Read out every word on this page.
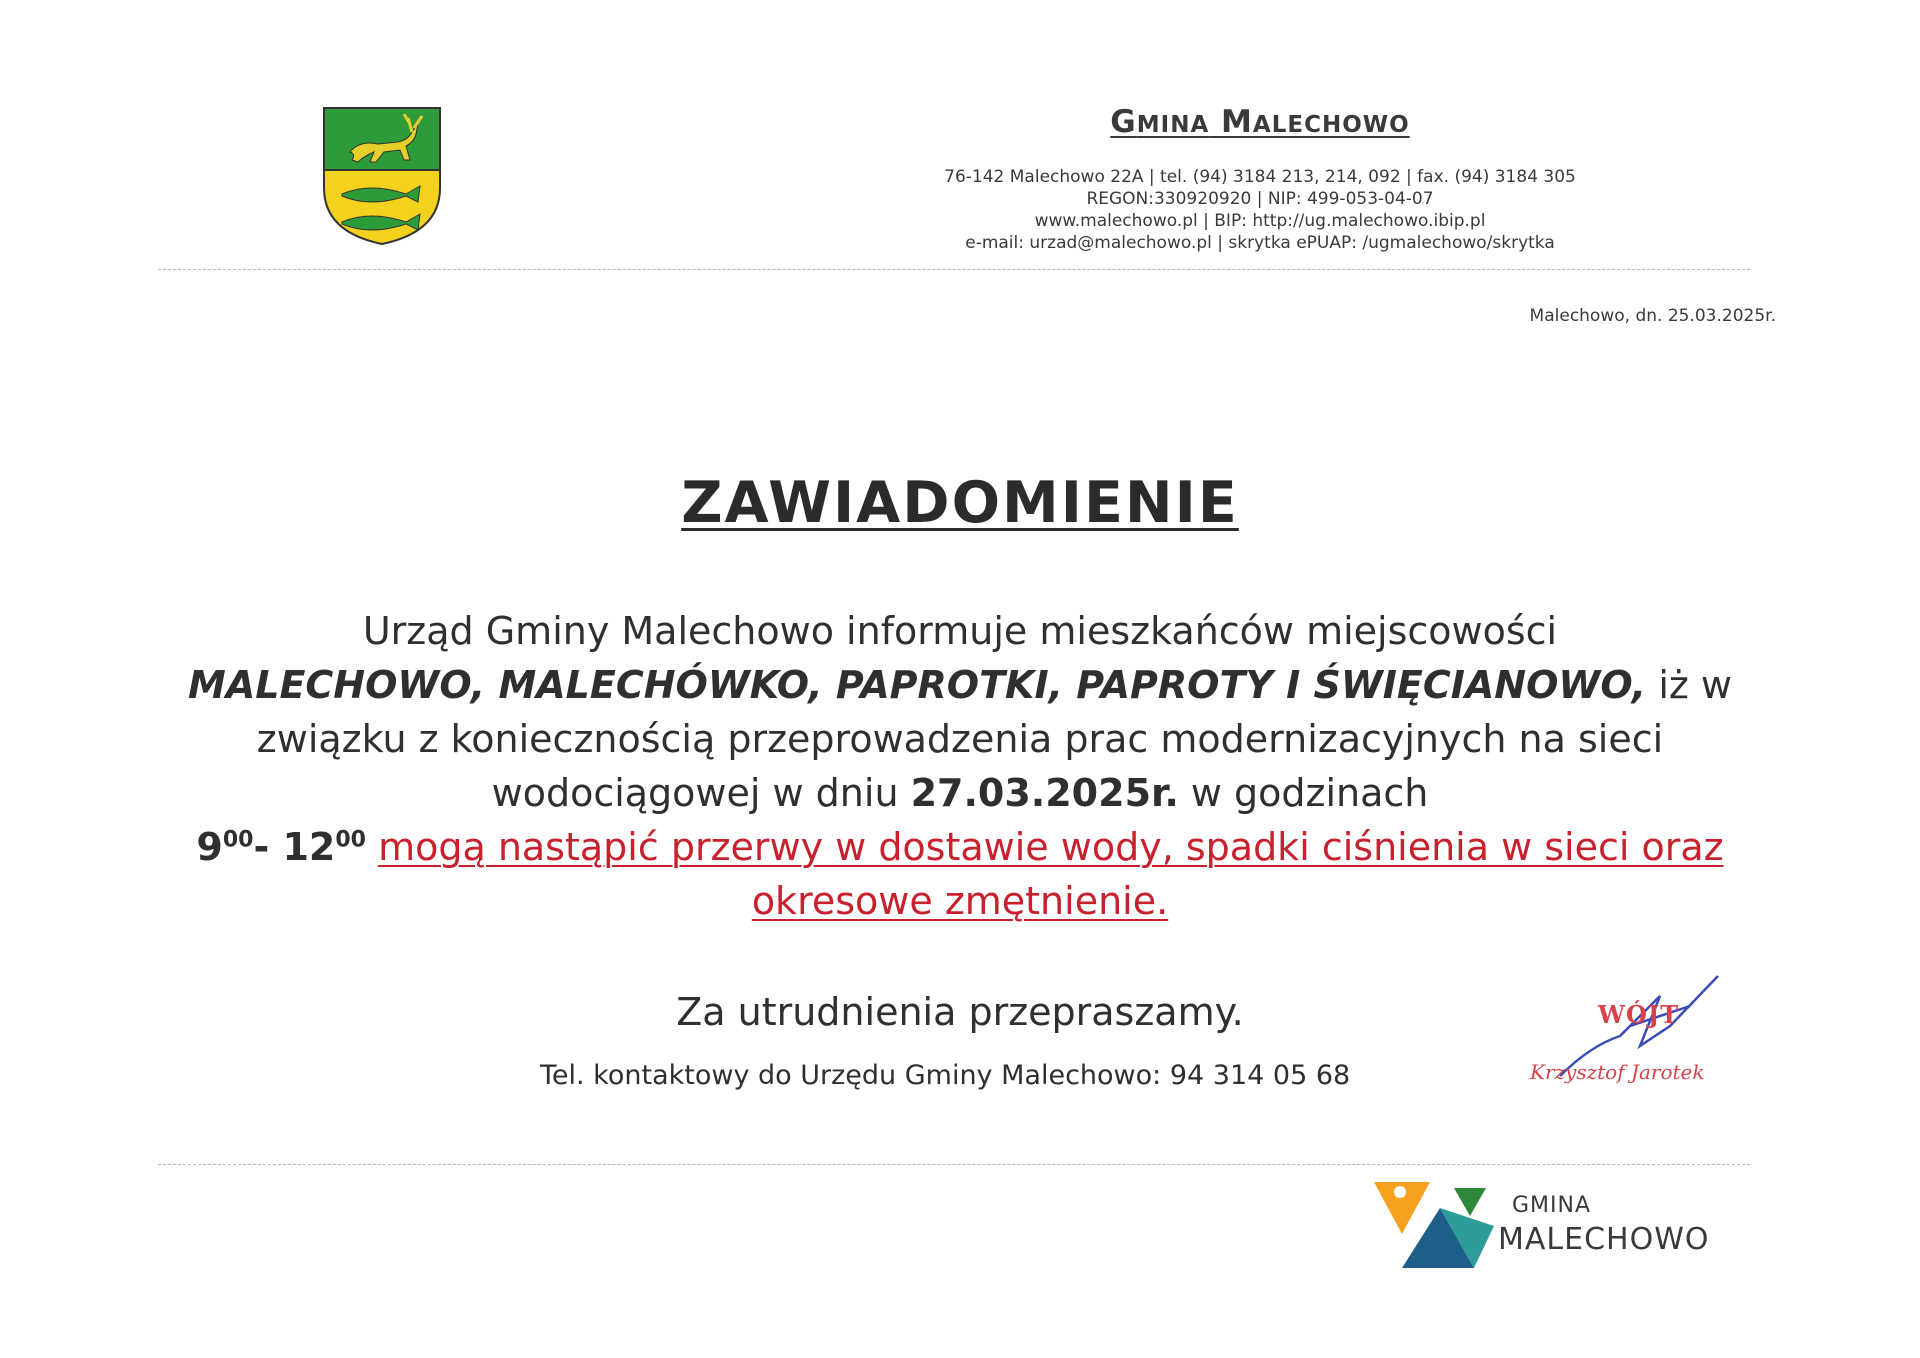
GMINA MALECHOWO
76-142 Malechowo 22A | tel. (94) 3184 213, 214, 092 | fax. (94) 3184 305
REGON:330920920 | NIP: 499-053-04-07
www.malechowo.pl | BIP: http://ug.malechowo.ibip.pl
e-mail: urzad@malechowo.pl | skrytka ePUAP: /ugmalechowo/skrytka
Malechowo, dn. 25.03.2025r.
ZAWIADOMIENIE
Urząd Gminy Malechowo informuje mieszkańców miejscowości
MALECHOWO, MALECHÓWKO, PAPROTKI, PAPROTY I ŚWIĘCIANOWO, iż w związku z koniecznością przeprowadzenia prac modernizacyjnych na sieci wodociągowej w dniu 27.03.2025r. w godzinach
$9^{00}-$ $12^{00}$ mogą nastąpić przerwy w dostawie wody, spadki ciśnienia w sieci oraz okresowe zmętnienie.
Za utrudnienia przepraszamy.
Tel. kontaktowy do Urzędu Gminy Malechowo: 94 314 05 68
WÓJT
Krzysztof Jarotek
GMINA
MALECHOWO
